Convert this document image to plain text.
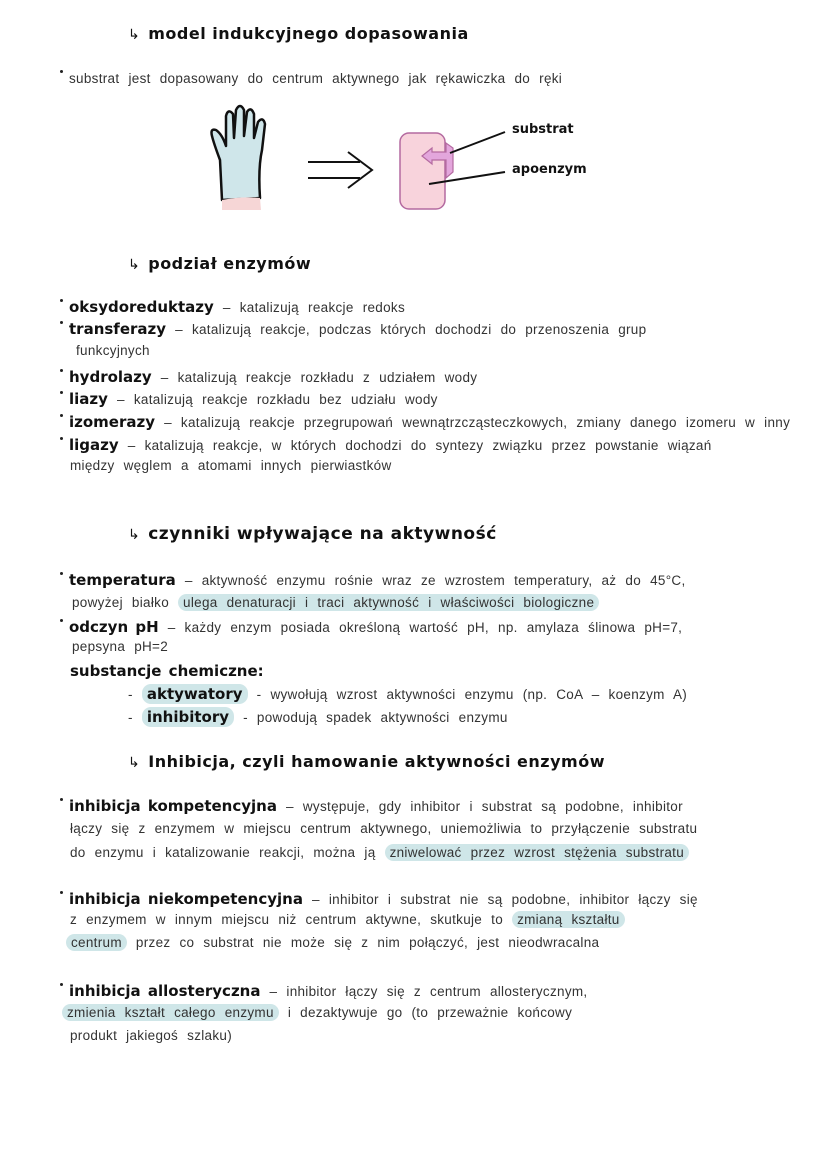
↳ model indukcyjnego dopasowania
↳ podział enzymów
↳ czynniki wpływające na aktywność
↳ Inhibicja, czyli hamowanie aktywności enzymów
substrat
apoenzym
substrat jest dopasowany do centrum aktywnego jak rękawiczka do ręki
oksydoreduktazy – katalizują reakcje redoks
transferazy – katalizują reakcje, podczas których dochodzi do przenoszenia grup
funkcyjnych
hydrolazy – katalizują reakcje rozkładu z udziałem wody
liazy – katalizują reakcje rozkładu bez udziału wody
izomerazy – katalizują reakcje przegrupowań wewnątrzcząsteczkowych, zmiany danego izomeru w inny
ligazy – katalizują reakcje, w których dochodzi do syntezy związku przez powstanie wiązań
między węglem a atomami innych pierwiastków
temperatura – aktywność enzymu rośnie wraz ze wzrostem temperatury, aż do 45°C,
powyżej białko ulega denaturacji i traci aktywność i właściwości biologiczne
odczyn pH – każdy enzym posiada określoną wartość pH, np. amylaza ślinowa pH=7,
pepsyna pH=2
substancje chemiczne:
- aktywatory - wywołują wzrost aktywności enzymu (np. CoA – koenzym A)
- inhibitory - powodują spadek aktywności enzymu
inhibicja kompetencyjna – występuje, gdy inhibitor i substrat są podobne, inhibitor
łączy się z enzymem w miejscu centrum aktywnego, uniemożliwia to przyłączenie substratu
do enzymu i katalizowanie reakcji, można ją zniwelować przez wzrost stężenia substratu
inhibicja niekompetencyjna – inhibitor i substrat nie są podobne, inhibitor łączy się
z enzymem w innym miejscu niż centrum aktywne, skutkuje to zmianą kształtu
centrum przez co substrat nie może się z nim połączyć, jest nieodwracalna
inhibicja allosteryczna – inhibitor łączy się z centrum allosterycznym,
zmienia kształt całego enzymu i dezaktywuje go (to przeważnie końcowy
produkt jakiegoś szlaku)
